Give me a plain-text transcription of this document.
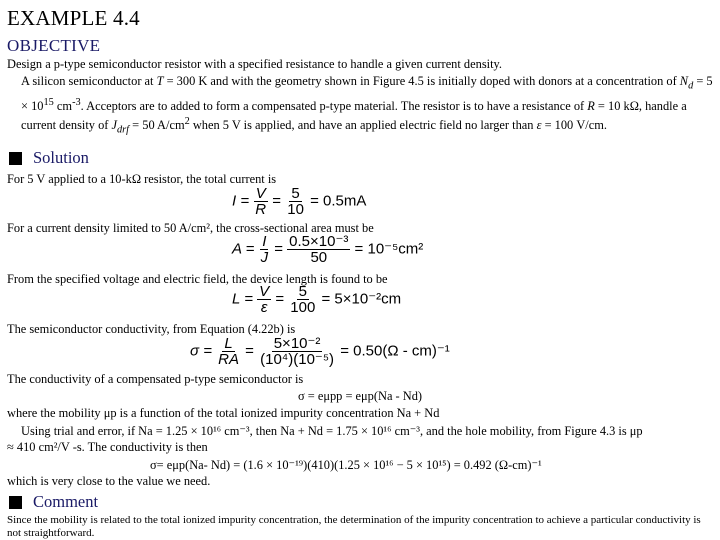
EXAMPLE 4.4
OBJECTIVE
Design a p-type semiconductor resistor with a specified resistance to handle a given current density.
A silicon semiconductor at T = 300 K and with the geometry shown in Figure 4.5 is initially doped with donors at a concentration of $N_d = 5 \times 10^{15}$ $cm^{-3}$. Acceptors are to added to form a compensated p-type material. The resistor is to have a resistance of R = 10 kΩ, handle a current density of $J_{drf} = 50$ $A/cm^2$ when 5 V is applied, and have an applied electric field no larger than ε = 100 V/cm.
Solution
For 5 V applied to a 10-kΩ resistor, the total current is
$I = \frac{V}{R} = \frac{5}{10} = 0.5mA$
For a current density limited to 50 A/cm², the cross-sectional area must be
$A = \frac{I}{J} = \frac{\text{0.5×10⁻³}}{50} = 10^{-5}cm^2$
From the specified voltage and electric field, the device length is found to be
$L = \frac{V}{\varepsilon} = \frac{5}{100} = 5\times 10^{-2}cm$
The semiconductor conductivity, from Equation (4.22b) is
$\sigma = \frac{L}{RA} = \frac{\text{5×10⁻²}}{\text{(10⁴)(10⁻⁵)}} = 0.50(\Omega - cm)^{-1}$
The conductivity of a compensated p-type semiconductor is
σ = eμpp = eμp(Na - Nd)
where the mobility μp is a function of the total ionized impurity concentration Na + Nd
Using trial and error, if Na = 1.25 × 10¹⁶ cm⁻³, then Na + Nd = 1.75 × 10¹⁶ cm⁻³, and the hole mobility, from Figure 4.3 is μp
≈ 410 cm²/V -s. The conductivity is then
σ= eμp(Na- Nd) = (1.6 × 10⁻¹⁹)(410)(1.25 × 10¹⁶ − 5 × 10¹⁵) = 0.492 (Ω-cm)⁻¹
which is very close to the value we need.
Comment
Since the mobility is related to the total ionized impurity concentration, the determination of the impurity concentration to achieve a particular conductivity is not straightforward.
